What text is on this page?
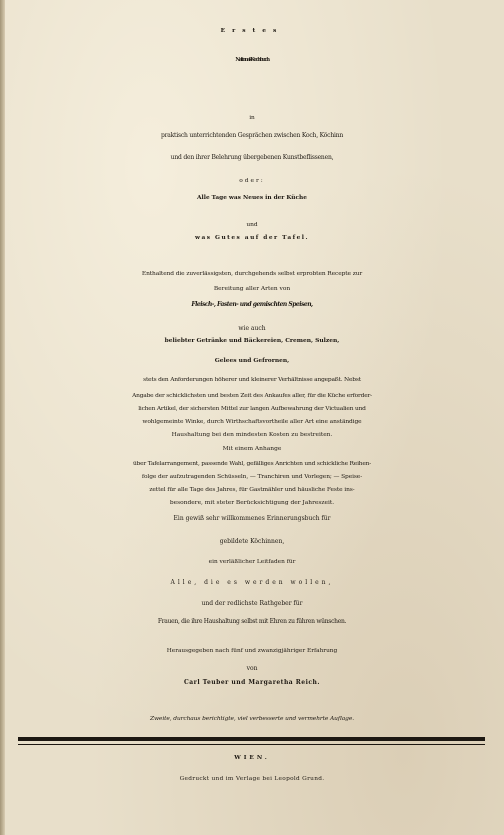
Erstes
National-Kochbuch
in
praktisch unterrichtenden Gesprächen zwischen Koch, Köchinn
und den ihrer Belehrung übergebenen Kunstbeflissenen,
oder:
Alle Tage was Neues in der Küche
und
was Gutes auf der Tafel.
Enthaltend die zuverlässigsten, durchgehends selbst erprobten Recepte zur
Bereitung aller Arten von
Fleisch-, Fasten- und gemischten Speisen,
wie auch
beliebter Getränke und Bäckereien, Cremen, Sulzen,
Gelees und Gefrornen,
stets den Anforderungen höherer und kleinerer Verhältnisse angepaßt. Nebst
Angabe der schicklichsten und besten Zeit des Ankaufes aller, für die Küche erforder-
lichen Artikel, der sichersten Mittel zur langen Aufbewahrung der Victualien und
wohlgemeinte Winke, durch Wirthschaftsvortheile aller Art eine anständige
Haushaltung bei den mindesten Kosten zu bestreiten.
Mit einem Anhange
über Tafelarrangement, passende Wahl, gefälliges Anrichten und schickliche Reihen-
folge der aufzutragenden Schüsseln, — Tranchiren und Vorlegen; — Speise-
zettel für alle Tage des Jahres, für Gastmähler und häusliche Feste ins-
besondere, mit steter Berücksichtigung der Jahreszeit.
Ein gewiß sehr willkommenes Erinnerungsbuch für
gebildete Köchinnen,
ein verläßlicher Leitfaden für
Alle, die es werden wollen,
und der redlichste Rathgeber für
Frauen, die ihre Haushaltung selbst mit Ehren zu führen wünschen.
Herausgegeben nach fünf und zwanzigjähriger Erfahrung
von
Carl Teuber und Margaretha Reich.
Zweite, durchaus berichtigte, viel verbesserte und vermehrte Auflage.
WIEN.
Gedruckt und im Verlage bei Leopold Grund.
